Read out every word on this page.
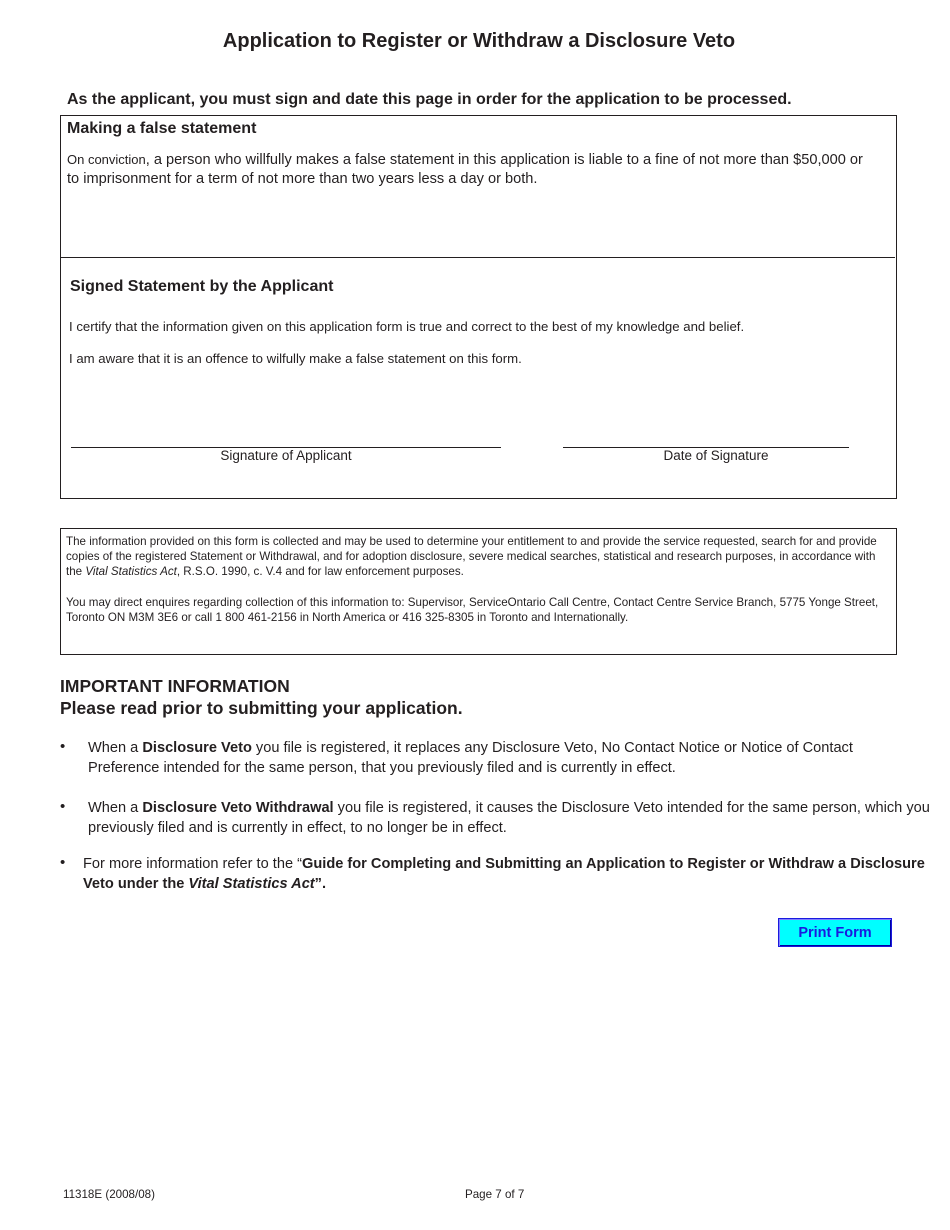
Application to Register or Withdraw a Disclosure Veto
As the applicant, you must sign and date this page in order for the application to be processed.
Making a false statement
On conviction, a person who willfully makes a false statement in this application is liable to a fine of not more than $50,000 or to imprisonment for a term of not more than two years less a day or both.
Signed Statement by the Applicant
I certify that the information given on this application form is true and correct to the best of my knowledge and belief.
I am aware that it is an offence to wilfully make a false statement on this form.
Signature of Applicant	Date of Signature
The information provided on this form is collected and may be used to determine your entitlement to and provide the service requested, search for and provide copies of the registered Statement or Withdrawal, and for adoption disclosure, severe medical searches, statistical and research purposes, in accordance with the Vital Statistics Act, R.S.O. 1990, c. V.4 and for law enforcement purposes.
You may direct enquires regarding collection of this information to: Supervisor, ServiceOntario Call Centre, Contact Centre Service Branch, 5775 Yonge Street, Toronto ON M3M 3E6 or call 1 800 461-2156 in North America or 416 325-8305 in Toronto and Internationally.
IMPORTANT INFORMATION
Please read prior to submitting your application.
• When a Disclosure Veto you file is registered, it replaces any Disclosure Veto, No Contact Notice or Notice of Contact Preference intended for the same person, that you previously filed and is currently in effect.
• When a Disclosure Veto Withdrawal you file is registered, it causes the Disclosure Veto intended for the same person, which you previously filed and is currently in effect, to no longer be in effect.
• For more information refer to the “Guide for Completing and Submitting an Application to Register or Withdraw a Disclosure Veto under the Vital Statistics Act”.
Print Form
11318E (2008/08)	Page 7 of 7
